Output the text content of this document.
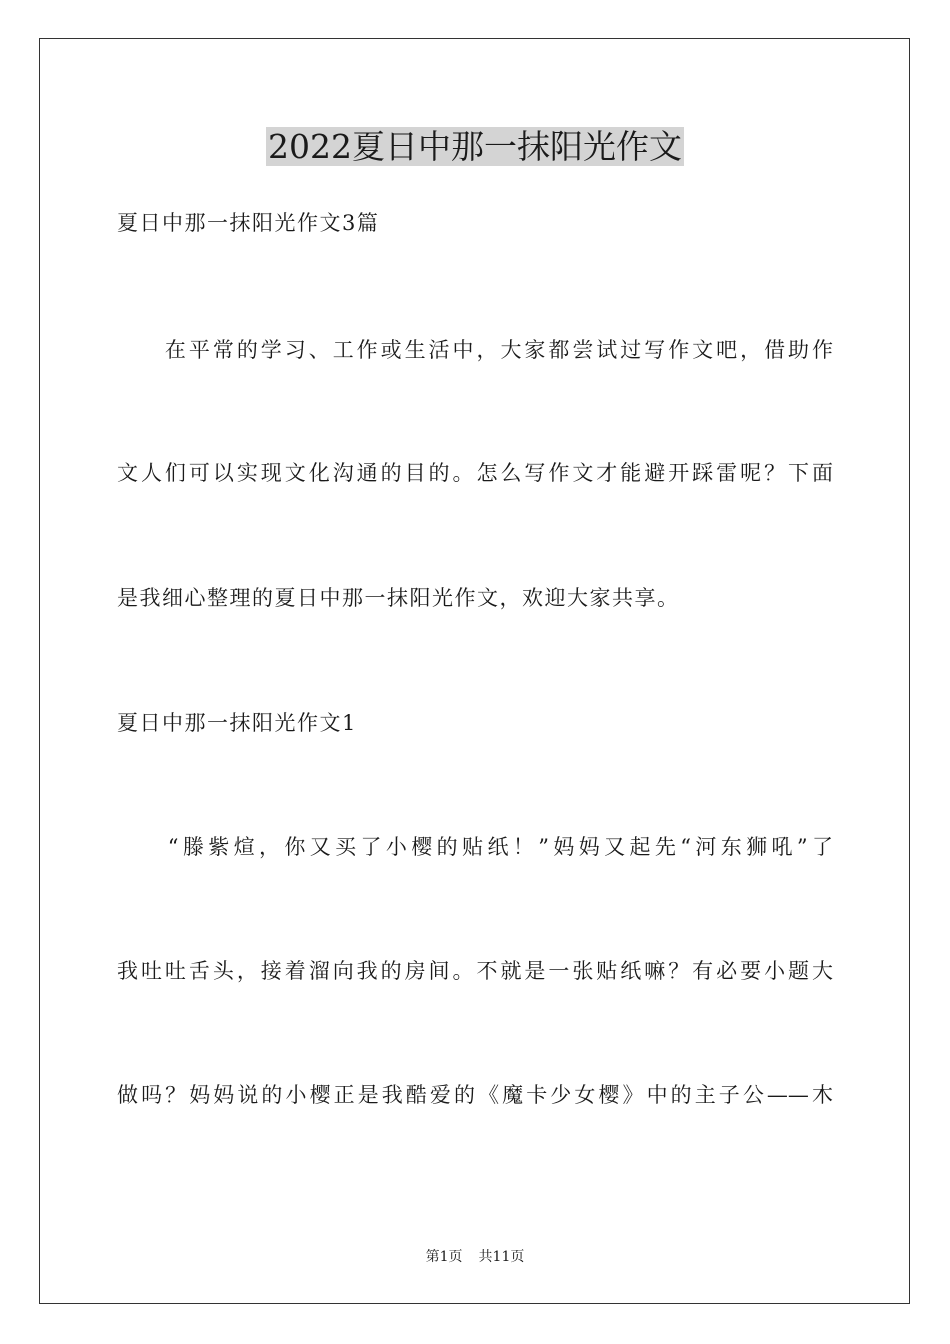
2022夏日中那一抹阳光作文
夏日中那一抹阳光作文3篇
　　在平常的学习、工作或生活中，大家都尝试过写作文吧，借助作
文人们可以实现文化沟通的目的。怎么写作文才能避开踩雷呢？下面
是我细心整理的夏日中那一抹阳光作文，欢迎大家共享。
夏日中那一抹阳光作文1
　　“滕紫煊，你又买了小樱的贴纸！”妈妈又起先“河东狮吼”了
我吐吐舌头，接着溜向我的房间。不就是一张贴纸嘛？有必要小题大
做吗？妈妈说的小樱正是我酷爱的《魔卡少女樱》中的主子公——木
第1页 共11页
